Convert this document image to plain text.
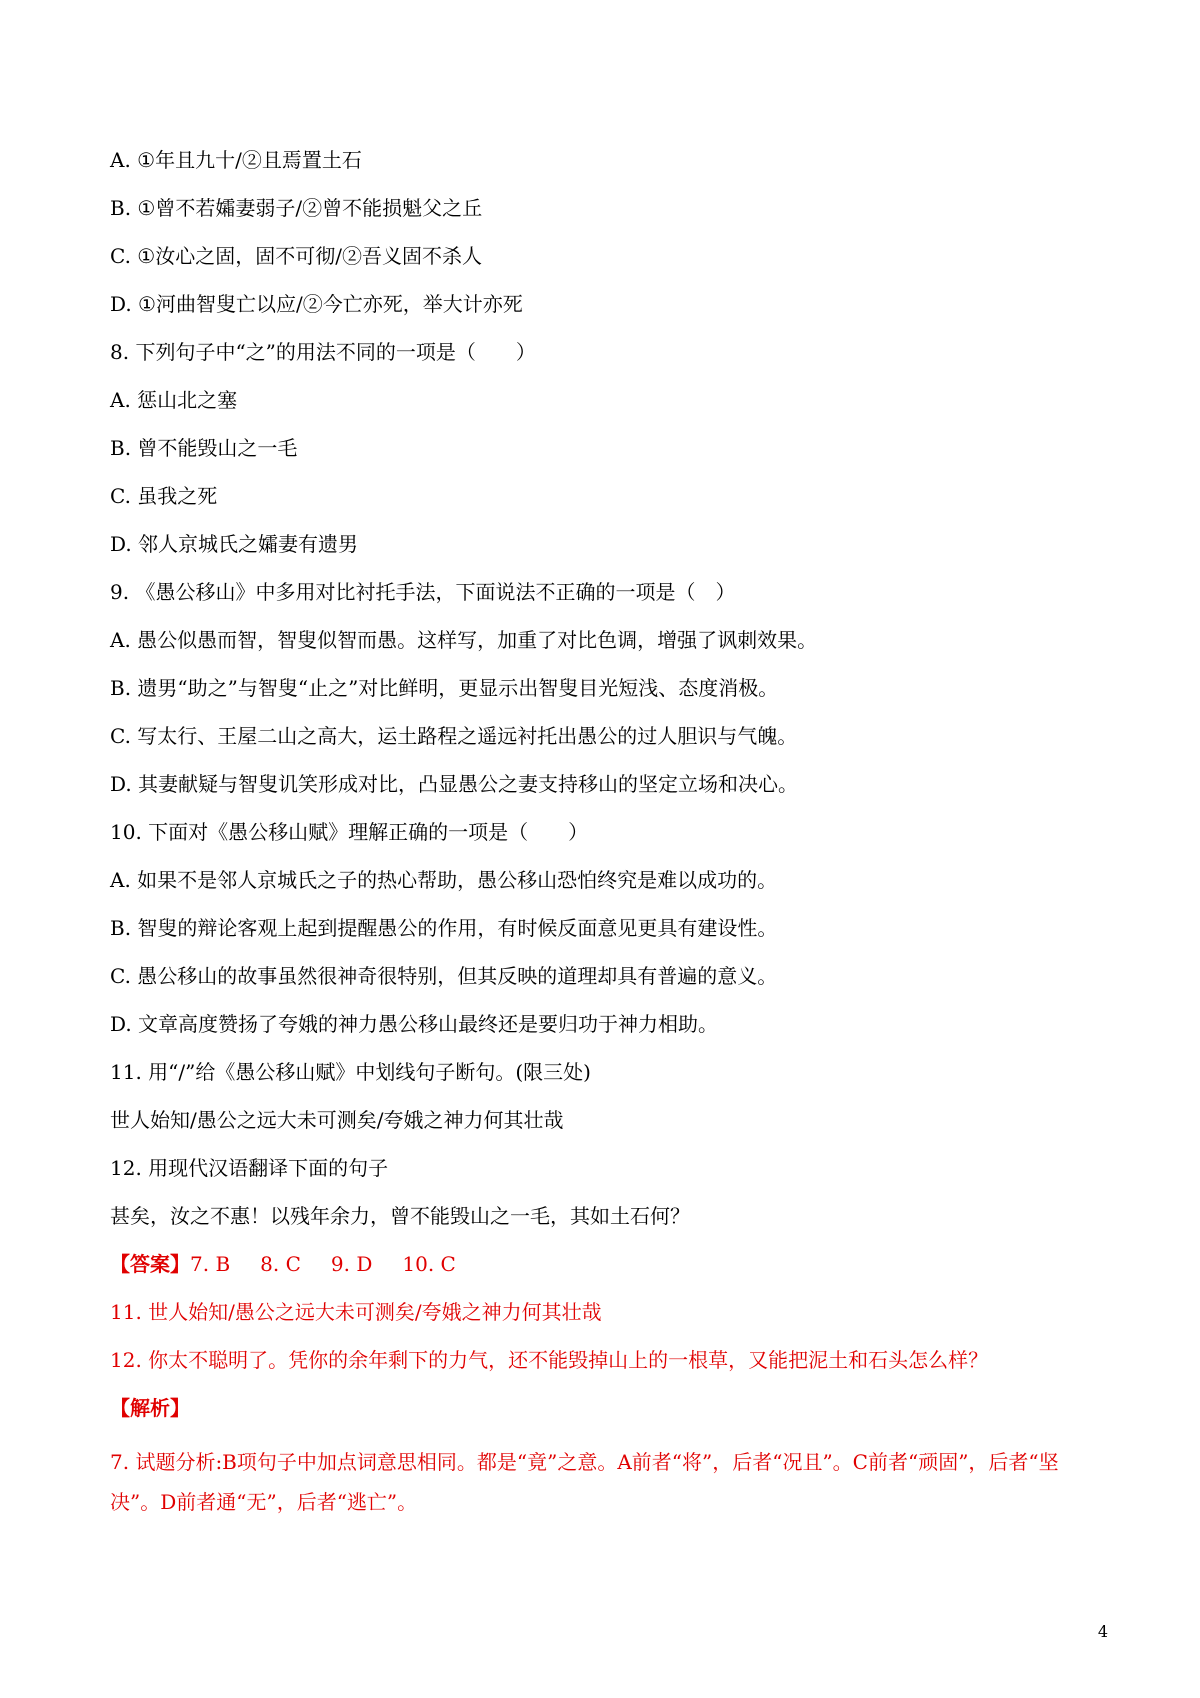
A. ①年且九十/②且焉置土石
B. ①曾不若孀妻弱子/②曾不能损魁父之丘
C. ①汝心之固，固不可彻/②吾义固不杀人
D. ①河曲智叟亡以应/②今亡亦死，举大计亦死
8. 下列句子中“之”的用法不同的一项是（　　）
A. 惩山北之塞
B. 曾不能毁山之一毛
C. 虽我之死
D. 邻人京城氏之孀妻有遗男
9. 《愚公移山》中多用对比衬托手法，下面说法不正确的一项是（　）
A. 愚公似愚而智，智叟似智而愚。这样写，加重了对比色调，增强了讽刺效果。
B. 遗男“助之”与智叟“止之”对比鲜明，更显示出智叟目光短浅、态度消极。
C. 写太行、王屋二山之高大，运土路程之遥远衬托出愚公的过人胆识与气魄。
D. 其妻献疑与智叟讥笑形成对比，凸显愚公之妻支持移山的坚定立场和决心。
10. 下面对《愚公移山赋》理解正确的一项是（　　）
A. 如果不是邻人京城氏之子的热心帮助，愚公移山恐怕终究是难以成功的。
B. 智叟的辩论客观上起到提醒愚公的作用，有时候反面意见更具有建设性。
C. 愚公移山的故事虽然很神奇很特别，但其反映的道理却具有普遍的意义。
D. 文章高度赞扬了夸娥的神力愚公移山最终还是要归功于神力相助。
11. 用“/”给《愚公移山赋》中划线句子断句。(限三处)
世人始知/愚公之远大未可测矣/夸娥之神力何其壮哉
12. 用现代汉语翻译下面的句子
甚矣，汝之不惠！以残年余力，曾不能毁山之一毛，其如土石何？
【答案】7. B 8. C 9. D 10. C
11. 世人始知/愚公之远大未可测矣/夸娥之神力何其壮哉
12. 你太不聪明了。凭你的余年剩下的力气，还不能毁掉山上的一根草，又能把泥土和石头怎么样？
【解析】
7. 试题分析:B项句子中加点词意思相同。都是“竟”之意。A前者“将”，后者“况且”。C前者“顽固”，后者“坚决”。D前者通“无”，后者“逃亡”。
4
